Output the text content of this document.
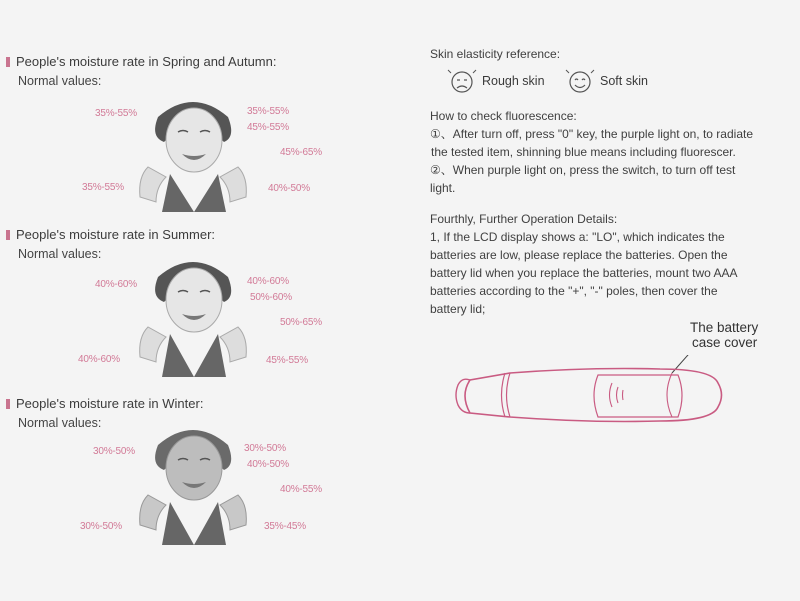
People's moisture rate in Spring and Autumn:
Normal values:
35%-55%	35%-55%
45%-55%
45%-65%
35%-55%	40%-50%
People's moisture rate in Summer:
Normal values:
40%-60%	40%-60%
50%-60%
50%-65%
40%-60%	45%-55%
People's moisture rate in Winter:
Normal values:
30%-50%	30%-50%
40%-50%
40%-55%
30%-50%	35%-45%
Skin elasticity reference:
Rough skin	Soft skin
How to check fluorescence:
①、After turn off, press "0" key, the purple light on, to radiate
the tested item, shinning blue means including fluorescer.
②、When purple light on, press the switch, to turn off test
light.
Fourthly, Further Operation Details:
1, If the LCD display shows a: "LO", which indicates the
batteries are low, please replace the batteries. Open the
battery lid when you replace the batteries, mount two AAA
batteries according to the "+", "-" poles, then cover the
battery lid;
The battery
case cover
